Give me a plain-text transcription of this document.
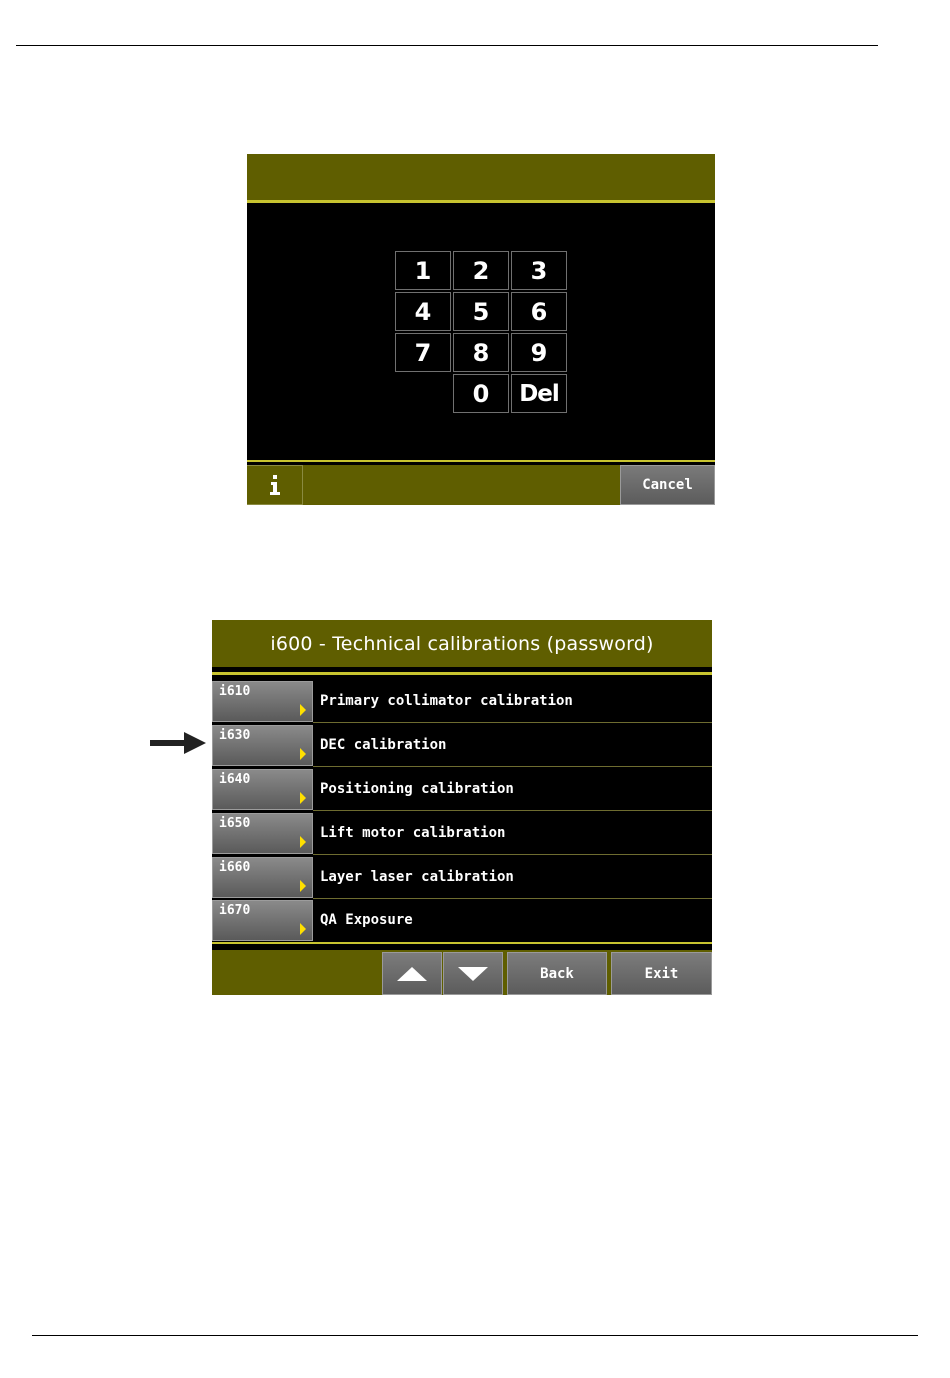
1	2	3
4	5	6
7	8	9
0	Del
Cancel
i600 - Technical calibrations (password)
i610
Primary collimator calibration
i630
DEC calibration
i640
Positioning calibration
i650
Lift motor calibration
i660
Layer laser calibration
i670
QA Exposure
Back	Exit
